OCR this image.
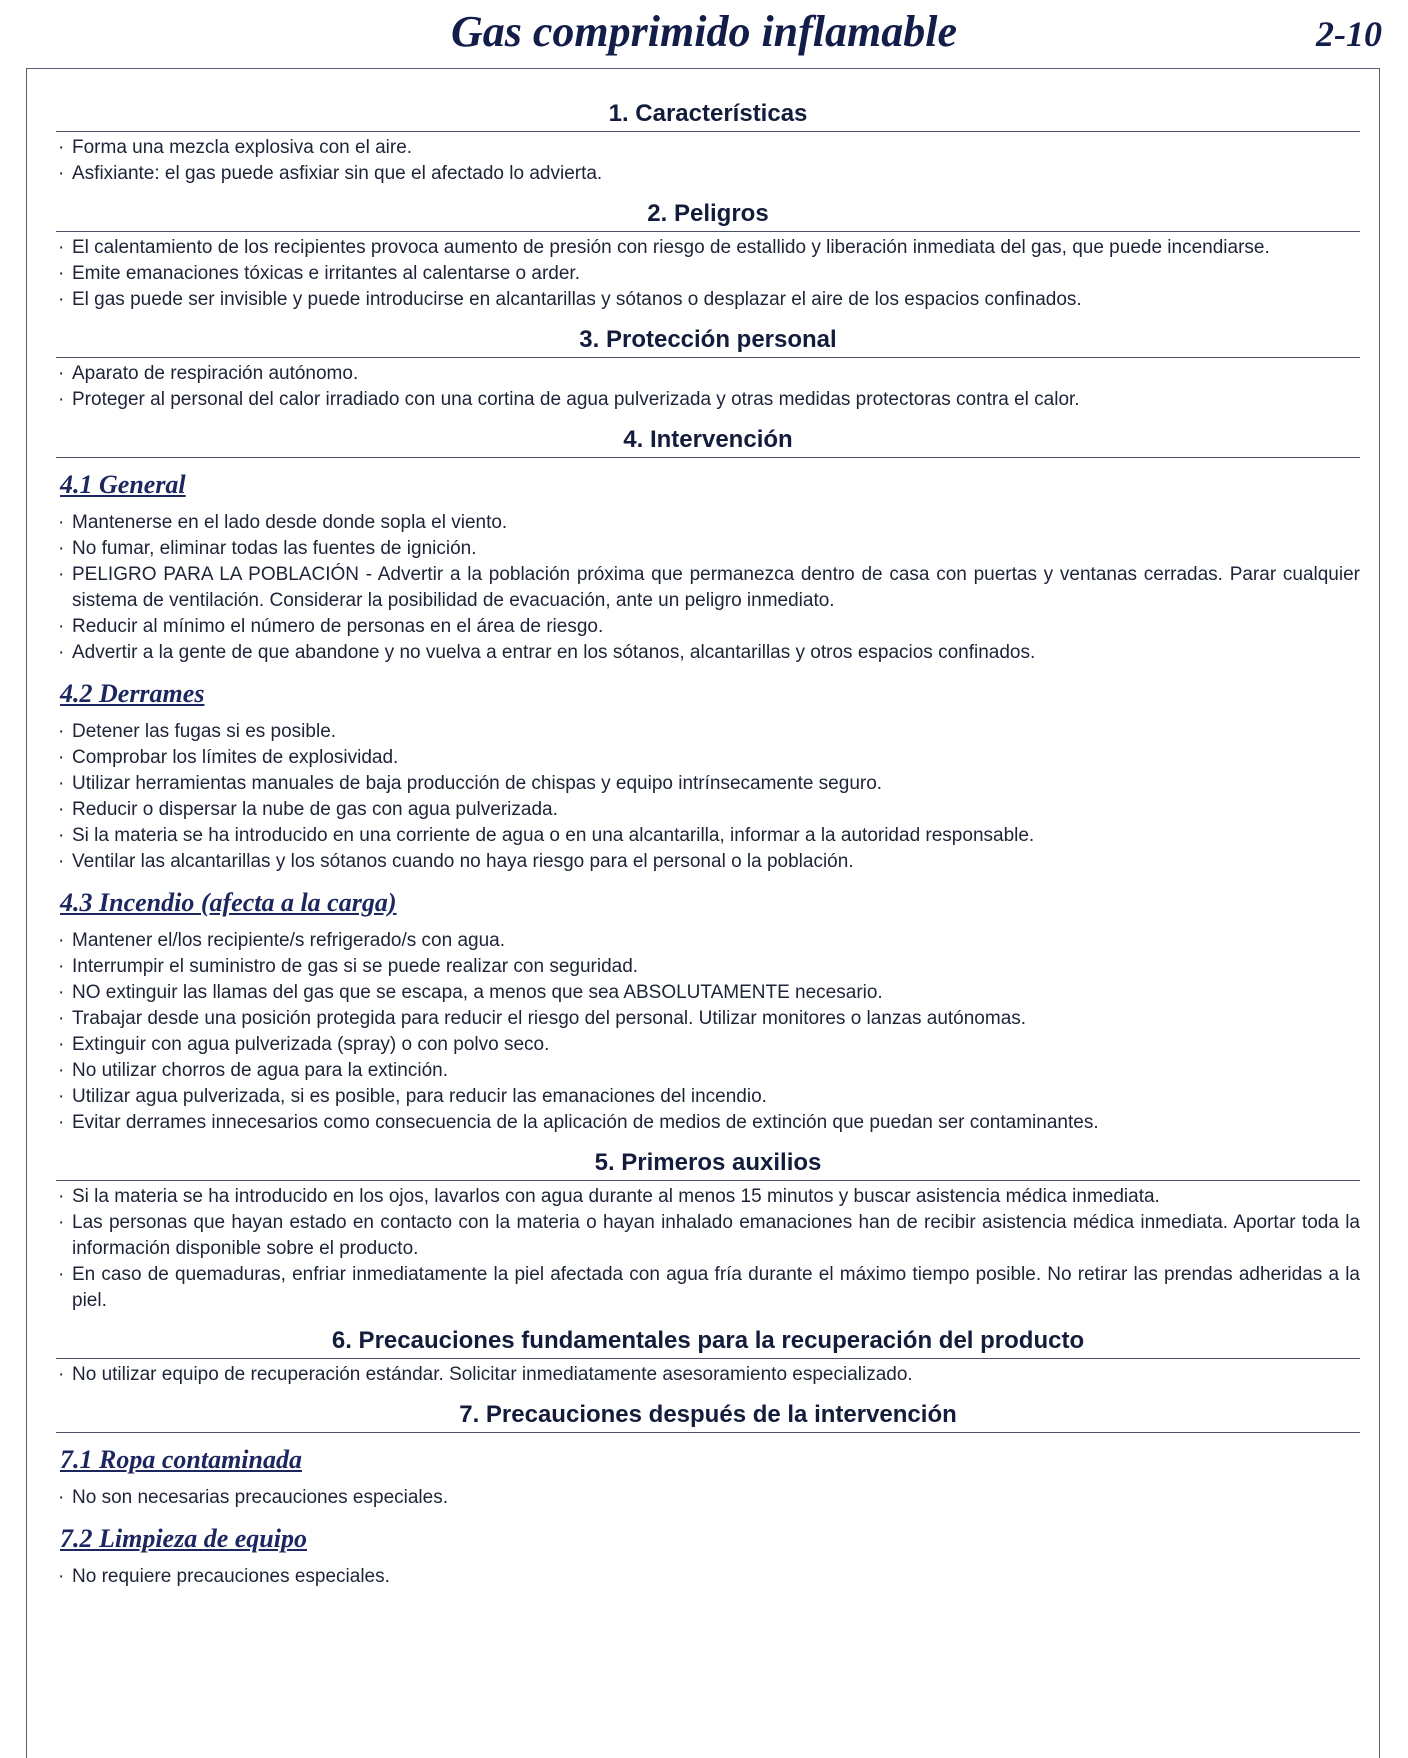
Gas comprimido inflamable	2-10
1. Características
· Forma una mezcla explosiva con el aire.
· Asfixiante: el gas puede asfixiar sin que el afectado lo advierta.
2. Peligros
· El calentamiento de los recipientes provoca aumento de presión con riesgo de estallido y liberación inmediata del gas, que puede incendiarse.
· Emite emanaciones tóxicas e irritantes al calentarse o arder.
· El gas puede ser invisible y puede introducirse en alcantarillas y sótanos o desplazar el aire de los espacios confinados.
3. Protección personal
· Aparato de respiración autónomo.
· Proteger al personal del calor irradiado con una cortina de agua pulverizada y otras medidas protectoras contra el calor.
4. Intervención
4.1 General
· Mantenerse en el lado desde donde sopla el viento.
· No fumar, eliminar todas las fuentes de ignición.
· PELIGRO PARA LA POBLACIÓN - Advertir a la población próxima que permanezca dentro de casa con puertas y ventanas cerradas. Parar cualquier sistema de ventilación. Considerar la posibilidad de evacuación, ante un peligro inmediato.
· Reducir al mínimo el número de personas en el área de riesgo.
· Advertir a la gente de que abandone y no vuelva a entrar en los sótanos, alcantarillas y otros espacios confinados.
4.2 Derrames
· Detener las fugas si es posible.
· Comprobar los límites de explosividad.
· Utilizar herramientas manuales de baja producción de chispas y equipo intrínsecamente seguro.
· Reducir o dispersar la nube de gas con agua pulverizada.
· Si la materia se ha introducido en una corriente de agua o en una alcantarilla, informar a la autoridad responsable.
· Ventilar las alcantarillas y los sótanos cuando no haya riesgo para el personal o la población.
4.3 Incendio (afecta a la carga)
· Mantener el/los recipiente/s refrigerado/s con agua.
· Interrumpir el suministro de gas si se puede realizar con seguridad.
· NO extinguir las llamas del gas que se escapa, a menos que sea ABSOLUTAMENTE necesario.
· Trabajar desde una posición protegida para reducir el riesgo del personal. Utilizar monitores o lanzas autónomas.
· Extinguir con agua pulverizada (spray) o con polvo seco.
· No utilizar chorros de agua para la extinción.
· Utilizar agua pulverizada, si es posible, para reducir las emanaciones del incendio.
· Evitar derrames innecesarios como consecuencia de la aplicación de medios de extinción que puedan ser contaminantes.
5. Primeros auxilios
· Si la materia se ha introducido en los ojos, lavarlos con agua durante al menos 15 minutos y buscar asistencia médica inmediata.
· Las personas que hayan estado en contacto con la materia o hayan inhalado emanaciones han de recibir asistencia médica inmediata. Aportar toda la información disponible sobre el producto.
· En caso de quemaduras, enfriar inmediatamente la piel afectada con agua fría durante el máximo tiempo posible. No retirar las prendas adheridas a la piel.
6. Precauciones fundamentales para la recuperación del producto
· No utilizar equipo de recuperación estándar. Solicitar inmediatamente asesoramiento especializado.
7. Precauciones después de la intervención
7.1 Ropa contaminada
· No son necesarias precauciones especiales.
7.2 Limpieza de equipo
· No requiere precauciones especiales.
